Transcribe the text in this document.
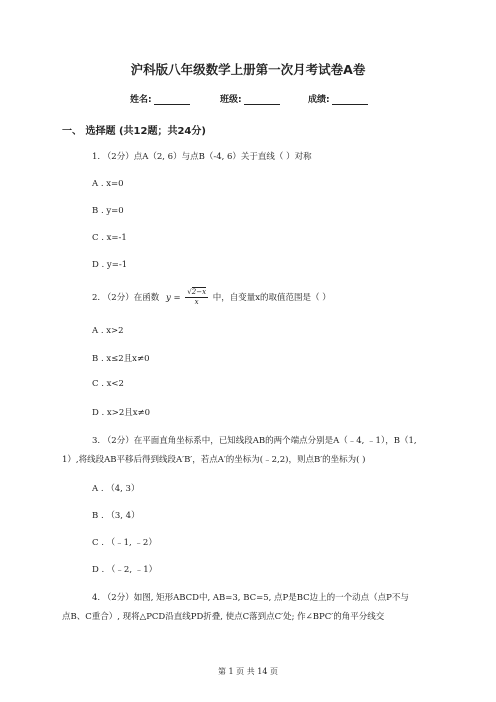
沪科版八年级数学上册第一次月考试卷A卷
姓名:	班级:	成绩:
一、 选择题 (共12题；共24分)
1. （2分）点A（2, 6）与点B（-4, 6）关于直线（ ）对称
A . x=0
B . y=0
C . x=-1
D . y=-1
2. （2分）在函数 $y = \frac{√2-x}{x}$ 中，自变量x的取值范围是（ ）
A . x>2
B . x≤2且x≠0
C . x<2
D . x>2且x≠0
3. （2分）在平面直角坐标系中，已知线段AB的两个端点分别是A（﹣4, ﹣1），B（1,
1）,将线段AB平移后得到线段A′B′，若点A′的坐标为(﹣2,2)，则点B′的坐标为( )
A . （4, 3）
B . （3, 4）
C . （﹣1, ﹣2）
D . （﹣2, ﹣1）
4. （2分）如图, 矩形ABCD中, AB=3, BC=5, 点P是BC边上的一个动点（点P不与
点B、C重合）, 现将△PCD沿直线PD折叠, 使点C落到点C′处; 作∠BPC′的角平分线交
第 1 页 共 14 页
